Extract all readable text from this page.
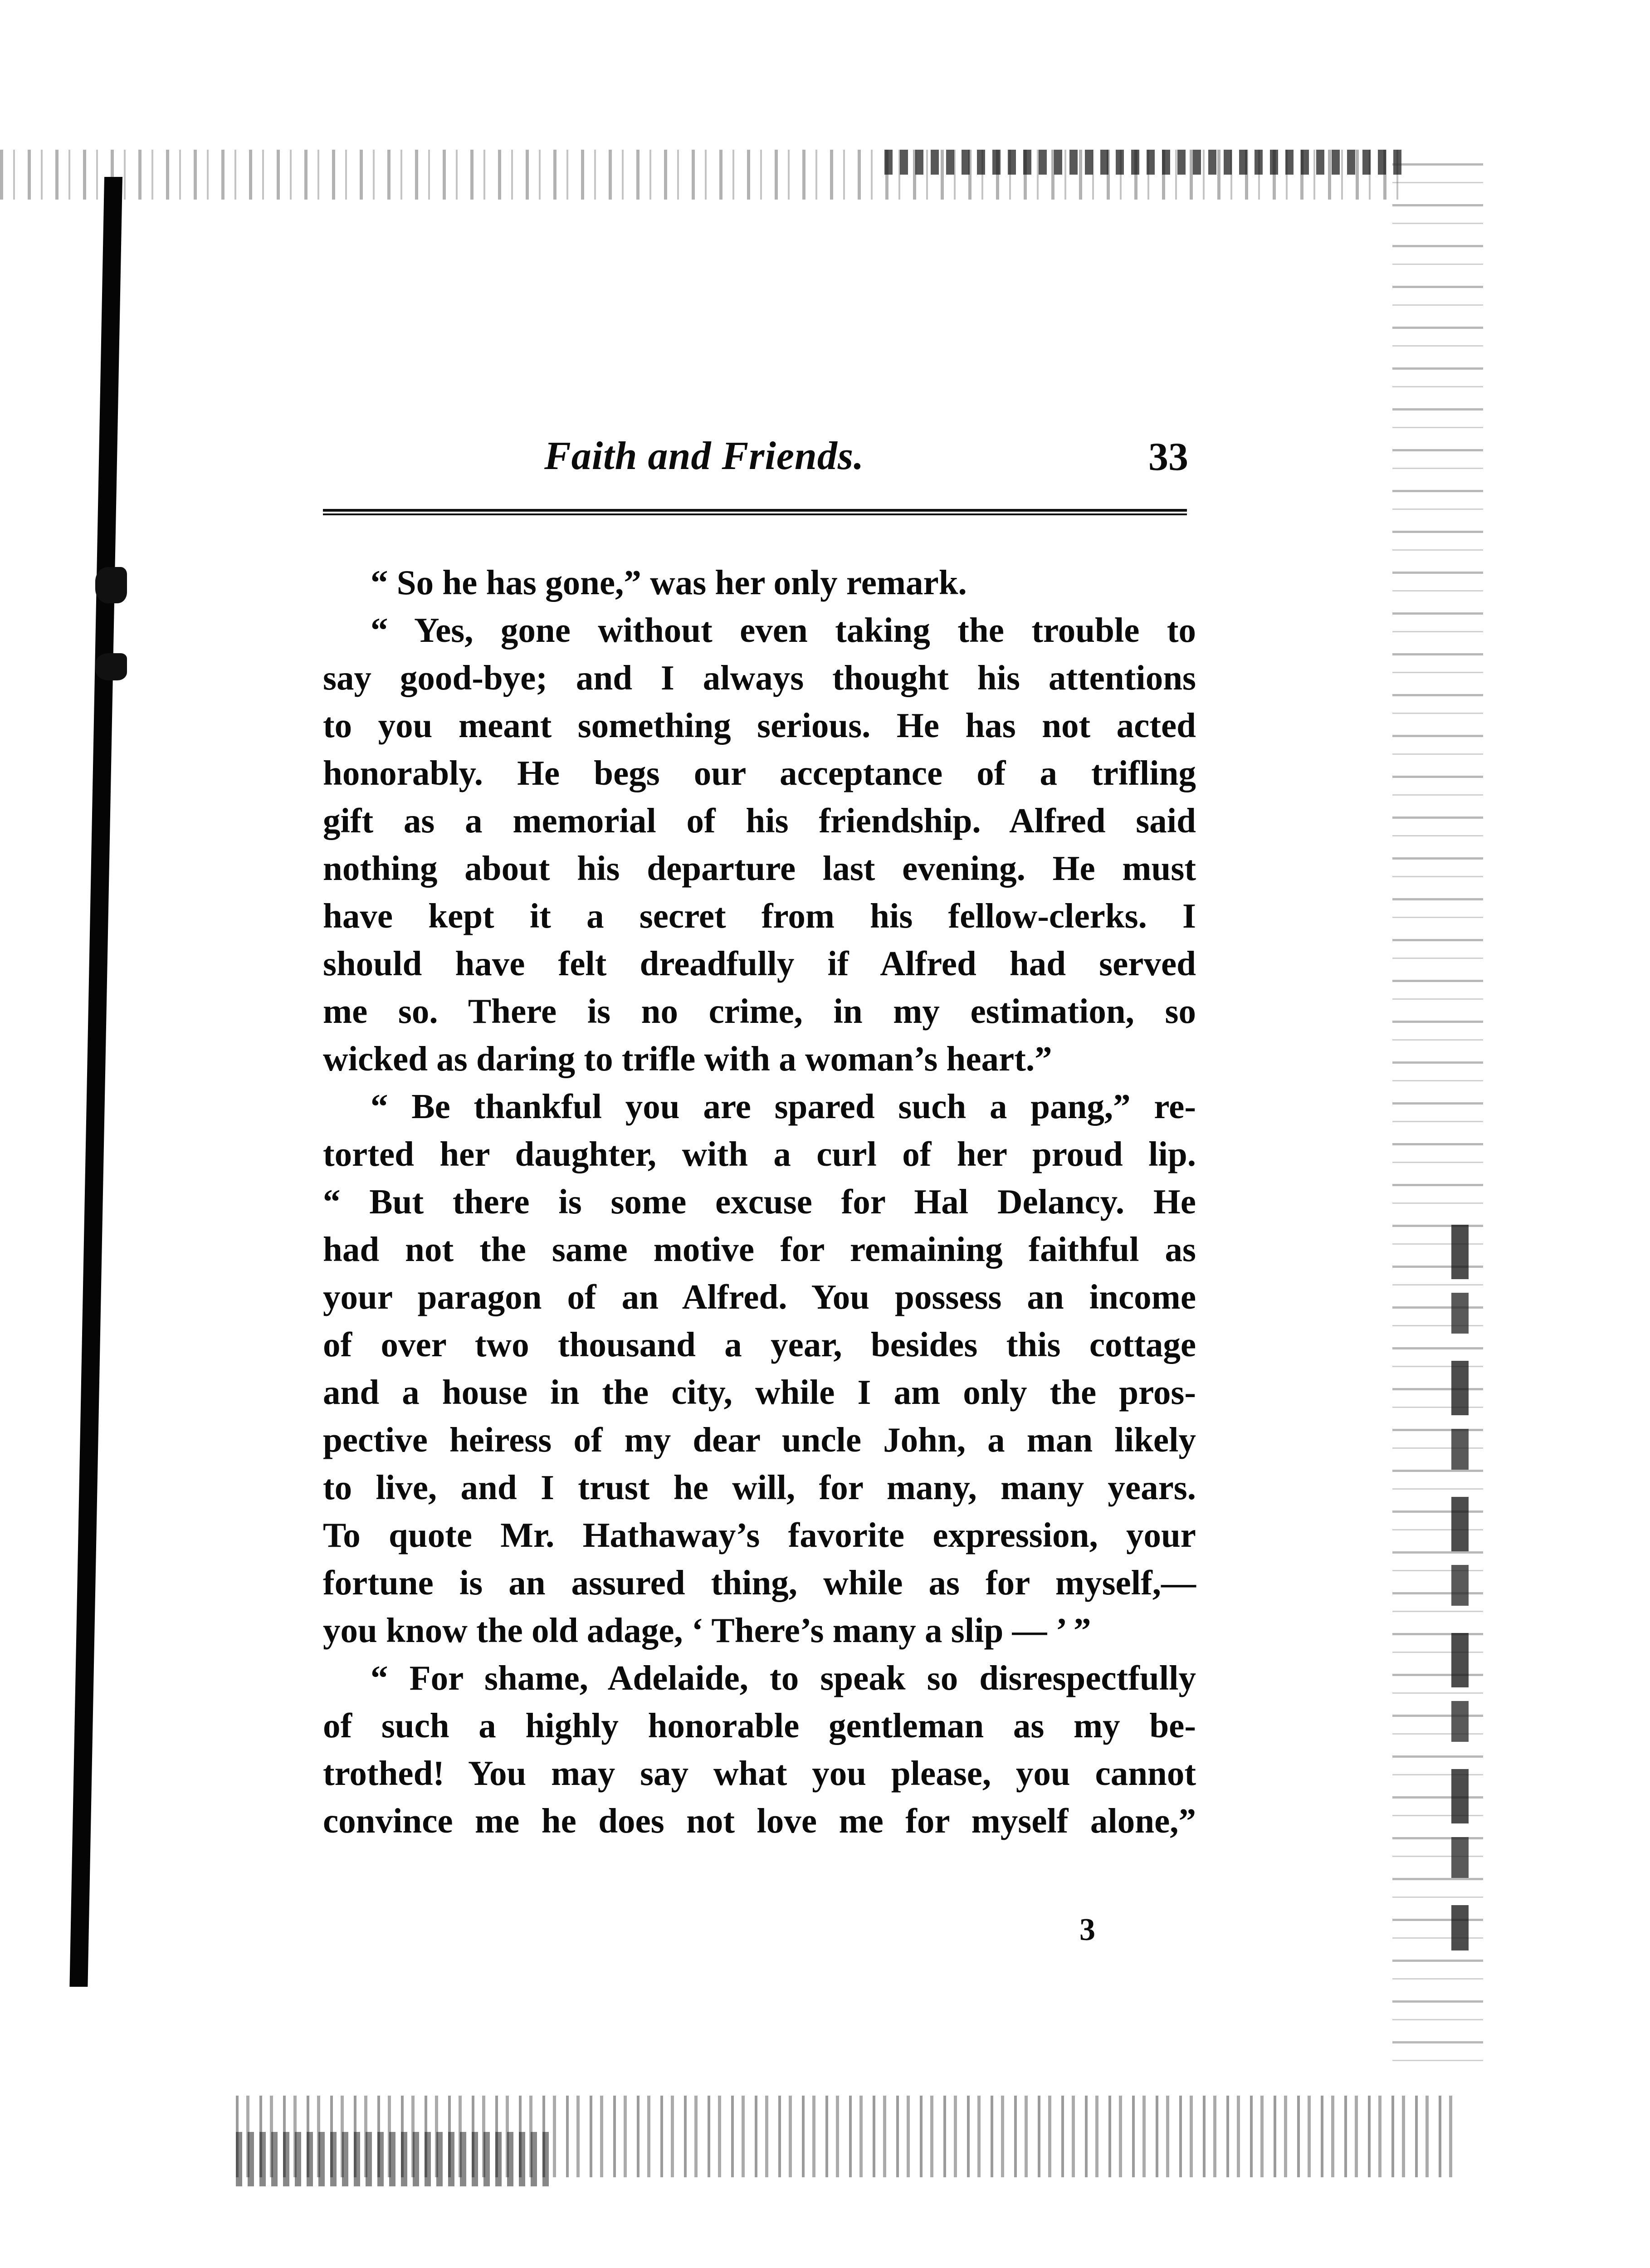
Faith and Friends.	33
“ So he has gone,” was her only remark.
“ Yes, gone without even taking the trouble to
say good-bye; and I always thought his attentions
to you meant something serious. He has not acted
honorably. He begs our acceptance of a trifling
gift as a memorial of his friendship. Alfred said
nothing about his departure last evening. He must
have kept it a secret from his fellow-clerks. I
should have felt dreadfully if Alfred had served
me so. There is no crime, in my estimation, so
wicked as daring to trifle with a woman’s heart.”
“ Be thankful you are spared such a pang,” re-
torted her daughter, with a curl of her proud lip.
“ But there is some excuse for Hal Delancy. He
had not the same motive for remaining faithful as
your paragon of an Alfred. You possess an income
of over two thousand a year, besides this cottage
and a house in the city, while I am only the pros-
pective heiress of my dear uncle John, a man likely
to live, and I trust he will, for many, many years.
To quote Mr. Hathaway’s favorite expression, your
fortune is an assured thing, while as for myself,—
you know the old adage, ‘ There’s many a slip — ’ ”
“ For shame, Adelaide, to speak so disrespectfully
of such a highly honorable gentleman as my be-
trothed! You may say what you please, you cannot
convince me he does not love me for myself alone,”
3
